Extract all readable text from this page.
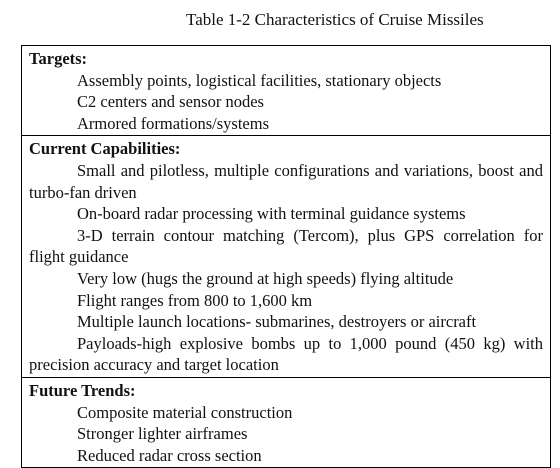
Table 1-2 Characteristics of Cruise Missiles
Targets:
Assembly points, logistical facilities, stationary objects
C2 centers and sensor nodes
Armored formations/systems
Current Capabilities:
Small and pilotless, multiple configurations and variations, boost and turbo-fan driven
On-board radar processing with terminal guidance systems
3-D terrain contour matching (Tercom), plus GPS correlation for flight guidance
Very low (hugs the ground at high speeds) flying altitude
Flight ranges from 800 to 1,600 km
Multiple launch locations- submarines, destroyers or aircraft
Payloads-high explosive bombs up to 1,000 pound (450 kg) with precision accuracy and target location
Future Trends:
Composite material construction
Stronger lighter airframes
Reduced radar cross section
